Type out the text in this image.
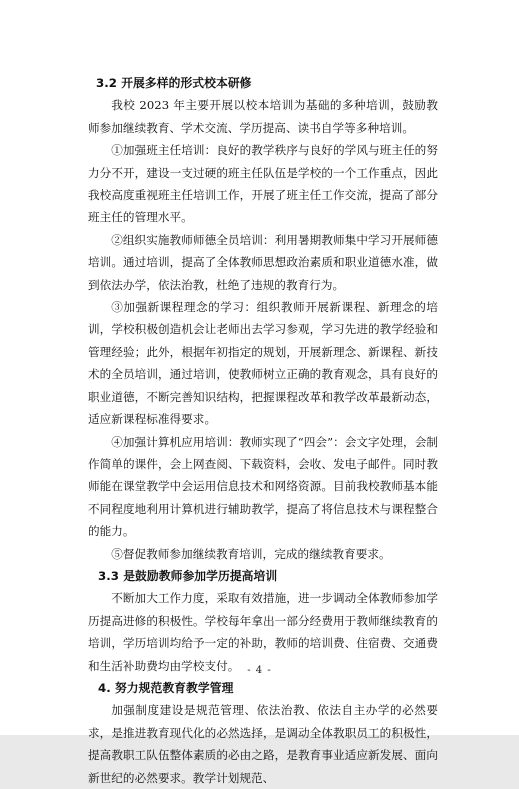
3.2 开展多样的形式校本研修

我校 2023 年主要开展以校本培训为基础的多种培训，鼓励教师参加继续教育、学术交流、学历提高、读书自学等多种培训。

①加强班主任培训：良好的教学秩序与良好的学风与班主任的努力分不开，建设一支过硬的班主任队伍是学校的一个工作重点，因此我校高度重视班主任培训工作，开展了班主任工作交流，提高了部分班主任的管理水平。

②组织实施教师师德全员培训：利用暑期教师集中学习开展师德培训。通过培训，提高了全体教师思想政治素质和职业道德水准，做到依法办学，依法治教，杜绝了违规的教育行为。

③加强新课程理念的学习：组织教师开展新课程、新理念的培训，学校积极创造机会让老师出去学习参观，学习先进的教学经验和管理经验；此外，根据年初指定的规划，开展新理念、新课程、新技术的全员培训，通过培训，使教师树立正确的教育观念，具有良好的职业道德，不断完善知识结构，把握课程改革和教学改革最新动态，适应新课程标准得要求。

④加强计算机应用培训：教师实现了“四会”：会文字处理，会制作简单的课件，会上网查阅、下载资料，会收、发电子邮件。同时教师能在课堂教学中会运用信息技术和网络资源。目前我校教师基本能不同程度地利用计算机进行辅助教学，提高了将信息技术与课程整合的能力。

⑤督促教师参加继续教育培训，完成的继续教育要求。

3.3 是鼓励教师参加学历提高培训

不断加大工作力度，采取有效措施，进一步调动全体教师参加学历提高进修的积极性。学校每年拿出一部分经费用于教师继续教育的培训，学历培训均给予一定的补助，教师的培训费、住宿费、交通费和生活补助费均由学校支付。

4. 努力规范教育教学管理

加强制度建设是规范管理、依法治教、依法自主办学的必然要求，是推进教育现代化的必然选择，是调动全体教职员工的积极性，提高教职工队伍整体素质的必由之路，是教育事业适应新发展、面向新世纪的必然要求。教学计划规范、

- 4 -
